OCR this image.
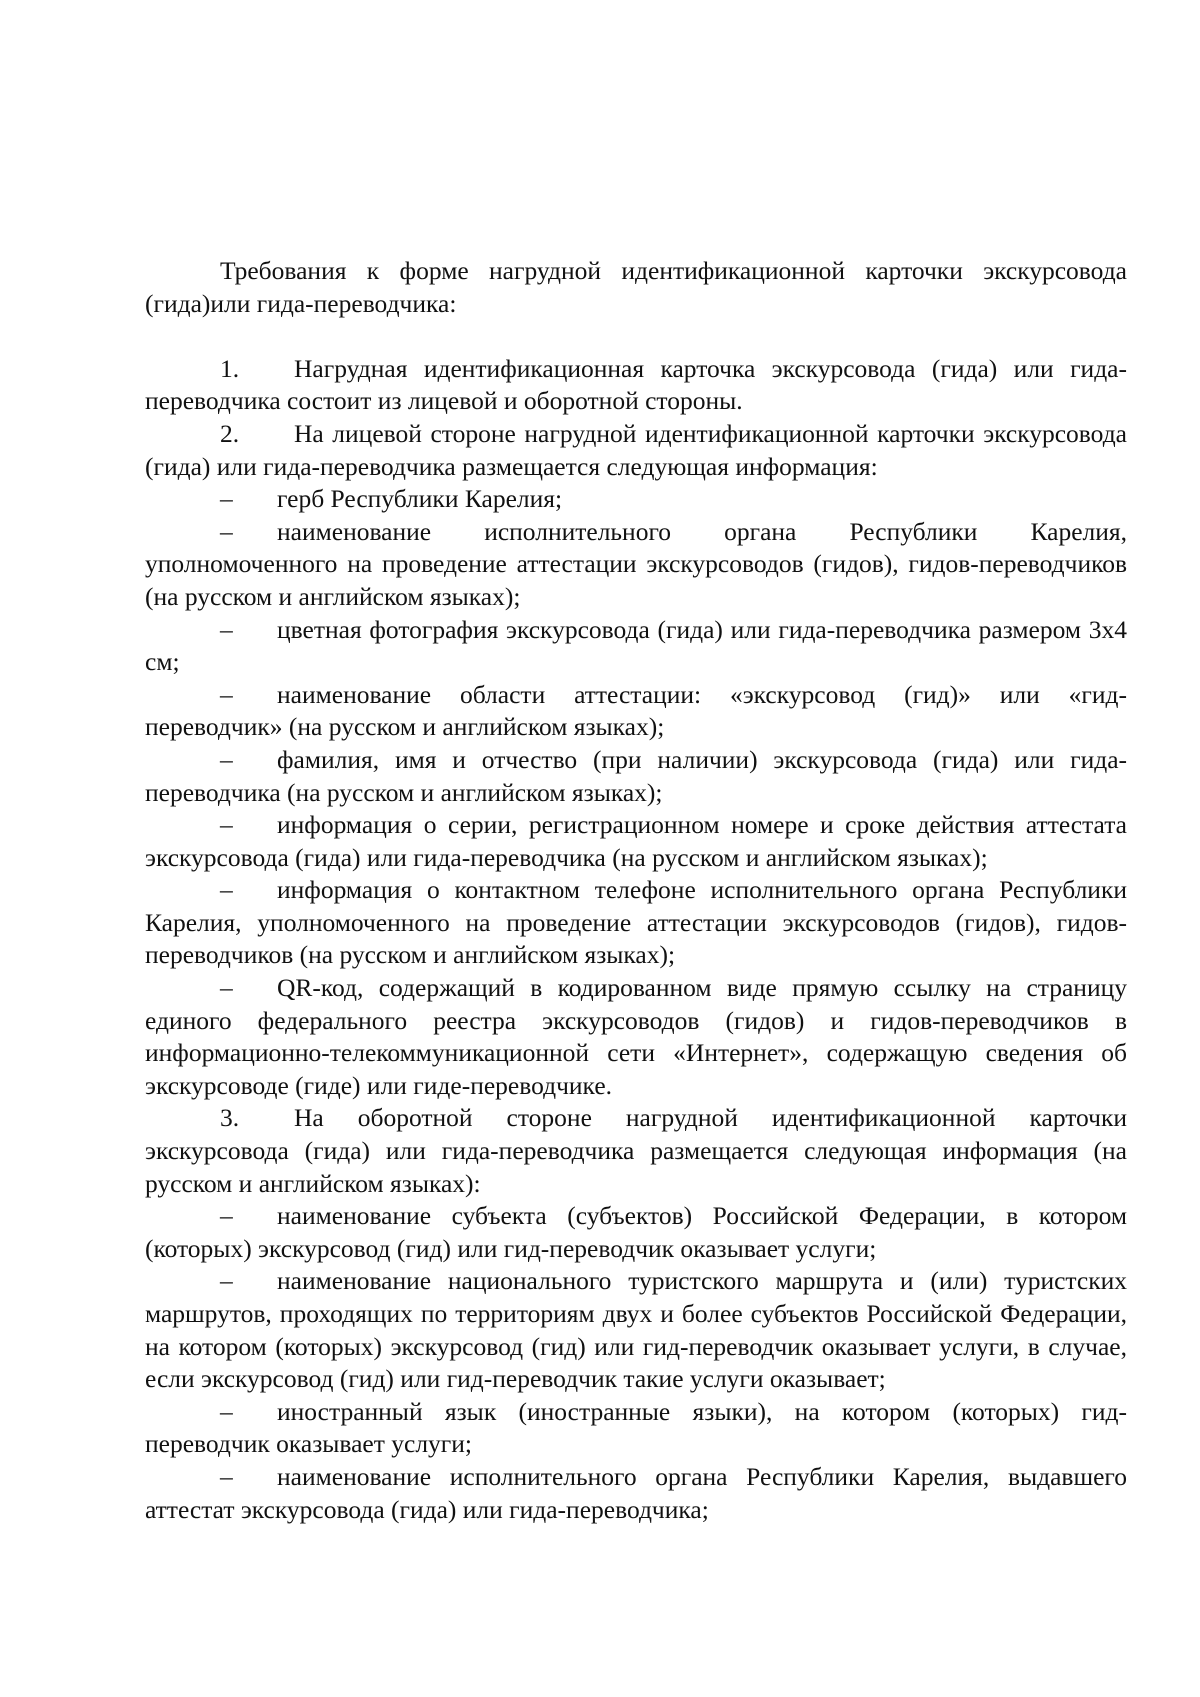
Требования к форме нагрудной идентификационной карточки экскурсовода (гида)или гида-переводчика:

1. Нагрудная идентификационная карточка экскурсовода (гида) или гида-переводчика состоит из лицевой и оборотной стороны.

2. На лицевой стороне нагрудной идентификационной карточки экскурсовода (гида) или гида-переводчика размещается следующая информация:

– герб Республики Карелия;

– наименование исполнительного органа Республики Карелия, уполномоченного на проведение аттестации экскурсоводов (гидов), гидов-переводчиков (на русском и английском языках);

– цветная фотография экскурсовода (гида) или гида-переводчика размером 3х4 см;

– наименование области аттестации: «экскурсовод (гид)» или «гид-переводчик» (на русском и английском языках);

– фамилия, имя и отчество (при наличии) экскурсовода (гида) или гида-переводчика (на русском и английском языках);

– информация о серии, регистрационном номере и сроке действия аттестата экскурсовода (гида) или гида-переводчика (на русском и английском языках);

– информация о контактном телефоне исполнительного органа Республики Карелия, уполномоченного на проведение аттестации экскурсоводов (гидов), гидов-переводчиков (на русском и английском языках);

– QR-код, содержащий в кодированном виде прямую ссылку на страницу единого федерального реестра экскурсоводов (гидов) и гидов-переводчиков в информационно-телекоммуникационной сети «Интернет», содержащую сведения об экскурсоводе (гиде) или гиде-переводчике.

3. На оборотной стороне нагрудной идентификационной карточки экскурсовода (гида) или гида-переводчика размещается следующая информация (на русском и английском языках):

– наименование субъекта (субъектов) Российской Федерации, в котором (которых) экскурсовод (гид) или гид-переводчик оказывает услуги;

– наименование национального туристского маршрута и (или) туристских маршрутов, проходящих по территориям двух и более субъектов Российской Федерации, на котором (которых) экскурсовод (гид) или гид-переводчик оказывает услуги, в случае, если экскурсовод (гид) или гид-переводчик такие услуги оказывает;

– иностранный язык (иностранные языки), на котором (которых) гид-переводчик оказывает услуги;

– наименование исполнительного органа Республики Карелия, выдавшего аттестат экскурсовода (гида) или гида-переводчика;
